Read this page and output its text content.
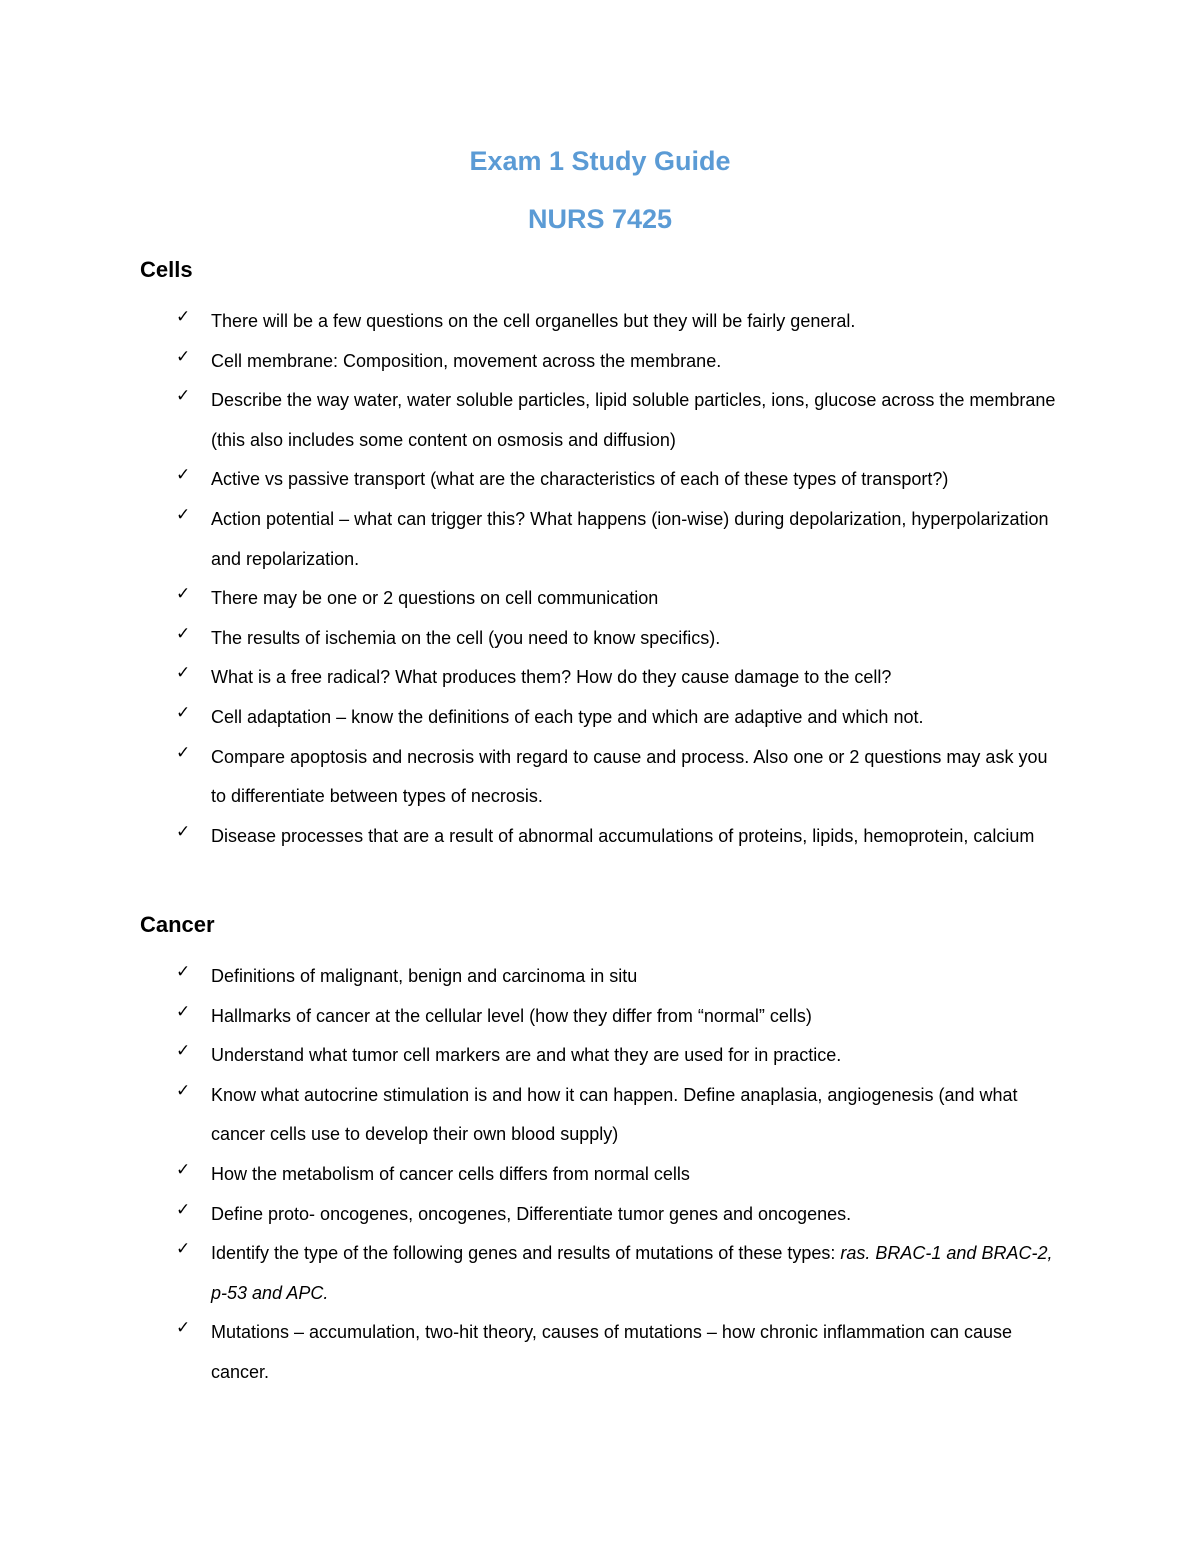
Exam 1 Study Guide
NURS 7425
Cells
✓	There will be a few questions on the cell organelles but they will be fairly general.
✓	Cell membrane: Composition, movement across the membrane.
✓	Describe the way water, water soluble particles, lipid soluble particles, ions, glucose across the membrane (this also includes some content on osmosis and diffusion)
✓	Active vs passive transport (what are the characteristics of each of these types of transport?)
✓	Action potential – what can trigger this? What happens (ion-wise) during depolarization, hyperpolarization and repolarization.
✓	There may be one or 2 questions on cell communication
✓	The results of ischemia on the cell (you need to know specifics).
✓	What is a free radical? What produces them? How do they cause damage to the cell?
✓	Cell adaptation – know the definitions of each type and which are adaptive and which not.
✓	Compare apoptosis and necrosis with regard to cause and process. Also one or 2 questions may ask you to differentiate between types of necrosis.
✓	Disease processes that are a result of abnormal accumulations of proteins, lipids, hemoprotein, calcium
Cancer
✓	Definitions of malignant, benign and carcinoma in situ
✓	Hallmarks of cancer at the cellular level (how they differ from “normal” cells)
✓	Understand what tumor cell markers are and what they are used for in practice.
✓	Know what autocrine stimulation is and how it can happen. Define anaplasia, angiogenesis (and what cancer cells use to develop their own blood supply)
✓	How the metabolism of cancer cells differs from normal cells
✓	Define proto- oncogenes, oncogenes, Differentiate tumor genes and oncogenes.
✓	Identify the type of the following genes and results of mutations of these types: ras. BRAC-1 and BRAC-2, p-53 and APC.
✓	Mutations – accumulation, two-hit theory, causes of mutations – how chronic inflammation can cause cancer.
